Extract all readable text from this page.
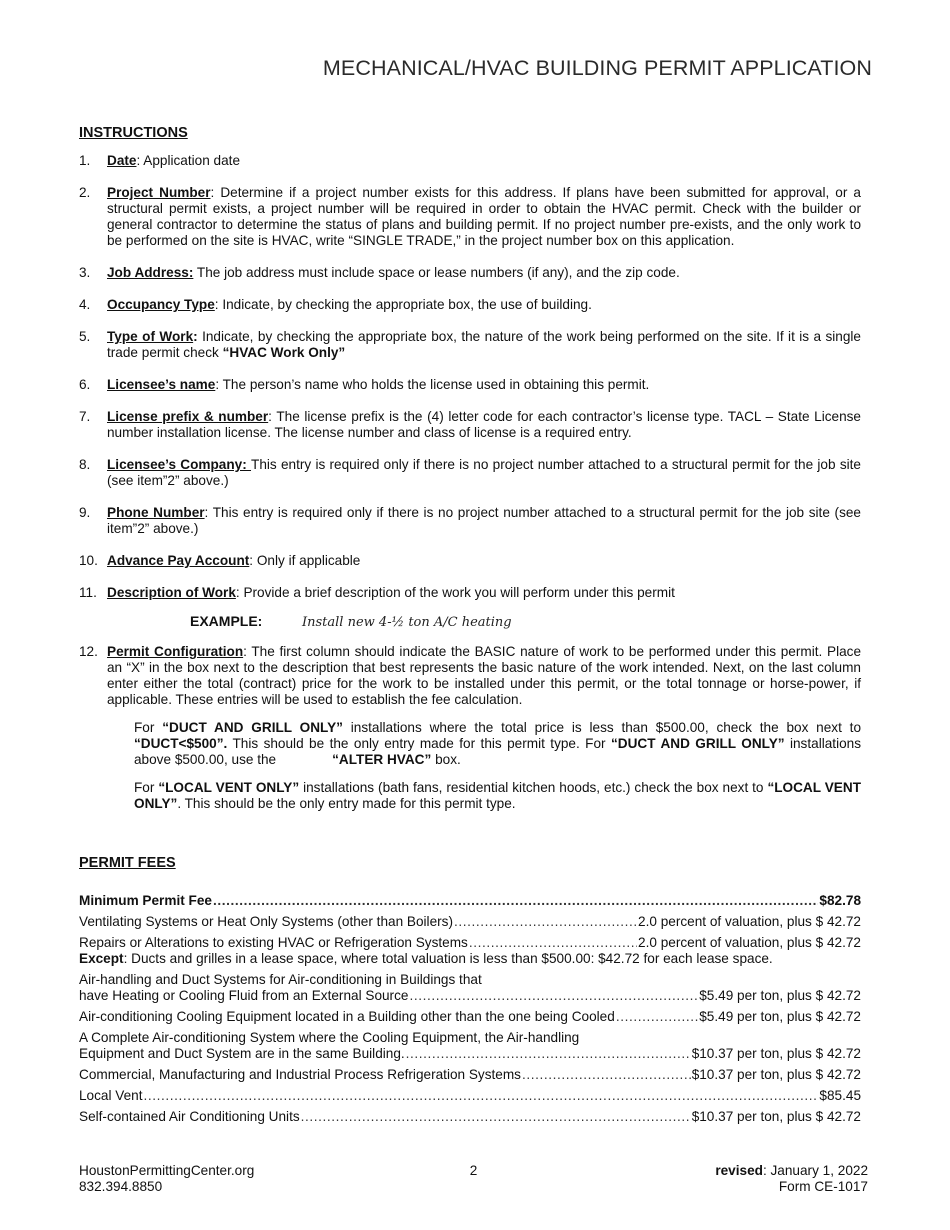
MECHANICAL/HVAC BUILDING PERMIT APPLICATION
INSTRUCTIONS
1.	Date: Application date
2.	Project Number: Determine if a project number exists for this address. If plans have been submitted for approval, or a structural permit exists, a project number will be required in order to obtain the HVAC permit. Check with the builder or general contractor to determine the status of plans and building permit. If no project number pre-exists, and the only work to be performed on the site is HVAC, write “SINGLE TRADE,” in the project number box on this application.
3.	Job Address: The job address must include space or lease numbers (if any), and the zip code.
4.	Occupancy Type: Indicate, by checking the appropriate box, the use of building.
5.	Type of Work: Indicate, by checking the appropriate box, the nature of the work being performed on the site. If it is a single trade permit check “HVAC Work Only”
6.	Licensee’s name: The person’s name who holds the license used in obtaining this permit.
7.	License prefix & number: The license prefix is the (4) letter code for each contractor’s license type. TACL – State License number installation license. The license number and class of license is a required entry.
8.	Licensee’s Company: This entry is required only if there is no project number attached to a structural permit for the job site (see item”2” above.)
9.	Phone Number: This entry is required only if there is no project number attached to a structural permit for the job site (see item”2” above.)
10. Advance Pay Account: Only if applicable
11. Description of Work: Provide a brief description of the work you will perform under this permit
EXAMPLE:	Install new 4-½ ton A/C heating
12. Permit Configuration: The first column should indicate the BASIC nature of work to be performed under this permit. Place an “X” in the box next to the description that best represents the basic nature of the work intended. Next, on the last column enter either the total (contract) price for the work to be installed under this permit, or the total tonnage or horse-power, if applicable. These entries will be used to establish the fee calculation.
For “DUCT AND GRILL ONLY” installations where the total price is less than $500.00, check the box next to “DUCT<$500”. This should be the only entry made for this permit type. For “DUCT AND GRILL ONLY” installations above $500.00, use the	“ALTER HVAC” box.
For “LOCAL VENT ONLY” installations (bath fans, residential kitchen hoods, etc.) check the box next to “LOCAL VENT ONLY”. This should be the only entry made for this permit type.
PERMIT FEES
Minimum Permit Fee .....	$82.78
Ventilating Systems or Heat Only Systems (other than Boilers) .....	2.0 percent of valuation, plus $ 42.72
Repairs or Alterations to existing HVAC or Refrigeration Systems .....	2.0 percent of valuation, plus $ 42.72
Except: Ducts and grilles in a lease space, where total valuation is less than $500.00: $42.72 for each lease space.
Air-handling and Duct Systems for Air-conditioning in Buildings that
have Heating or Cooling Fluid from an External Source .....	$5.49 per ton, plus $ 42.72
Air-conditioning Cooling Equipment located in a Building other than the one being Cooled .....	$5.49 per ton, plus $ 42.72
A Complete Air-conditioning System where the Cooling Equipment, the Air-handling
Equipment and Duct System are in the same Building. .....	$10.37 per ton, plus $ 42.72
Commercial, Manufacturing and Industrial Process Refrigeration Systems .....	$10.37 per ton, plus $ 42.72
Local Vent .....	$85.45
Self-contained Air Conditioning Units .....	$10.37 per ton, plus $ 42.72
HoustonPermittingCenter.org
832.394.8850
2	revised: January 1, 2022
Form CE-1017
